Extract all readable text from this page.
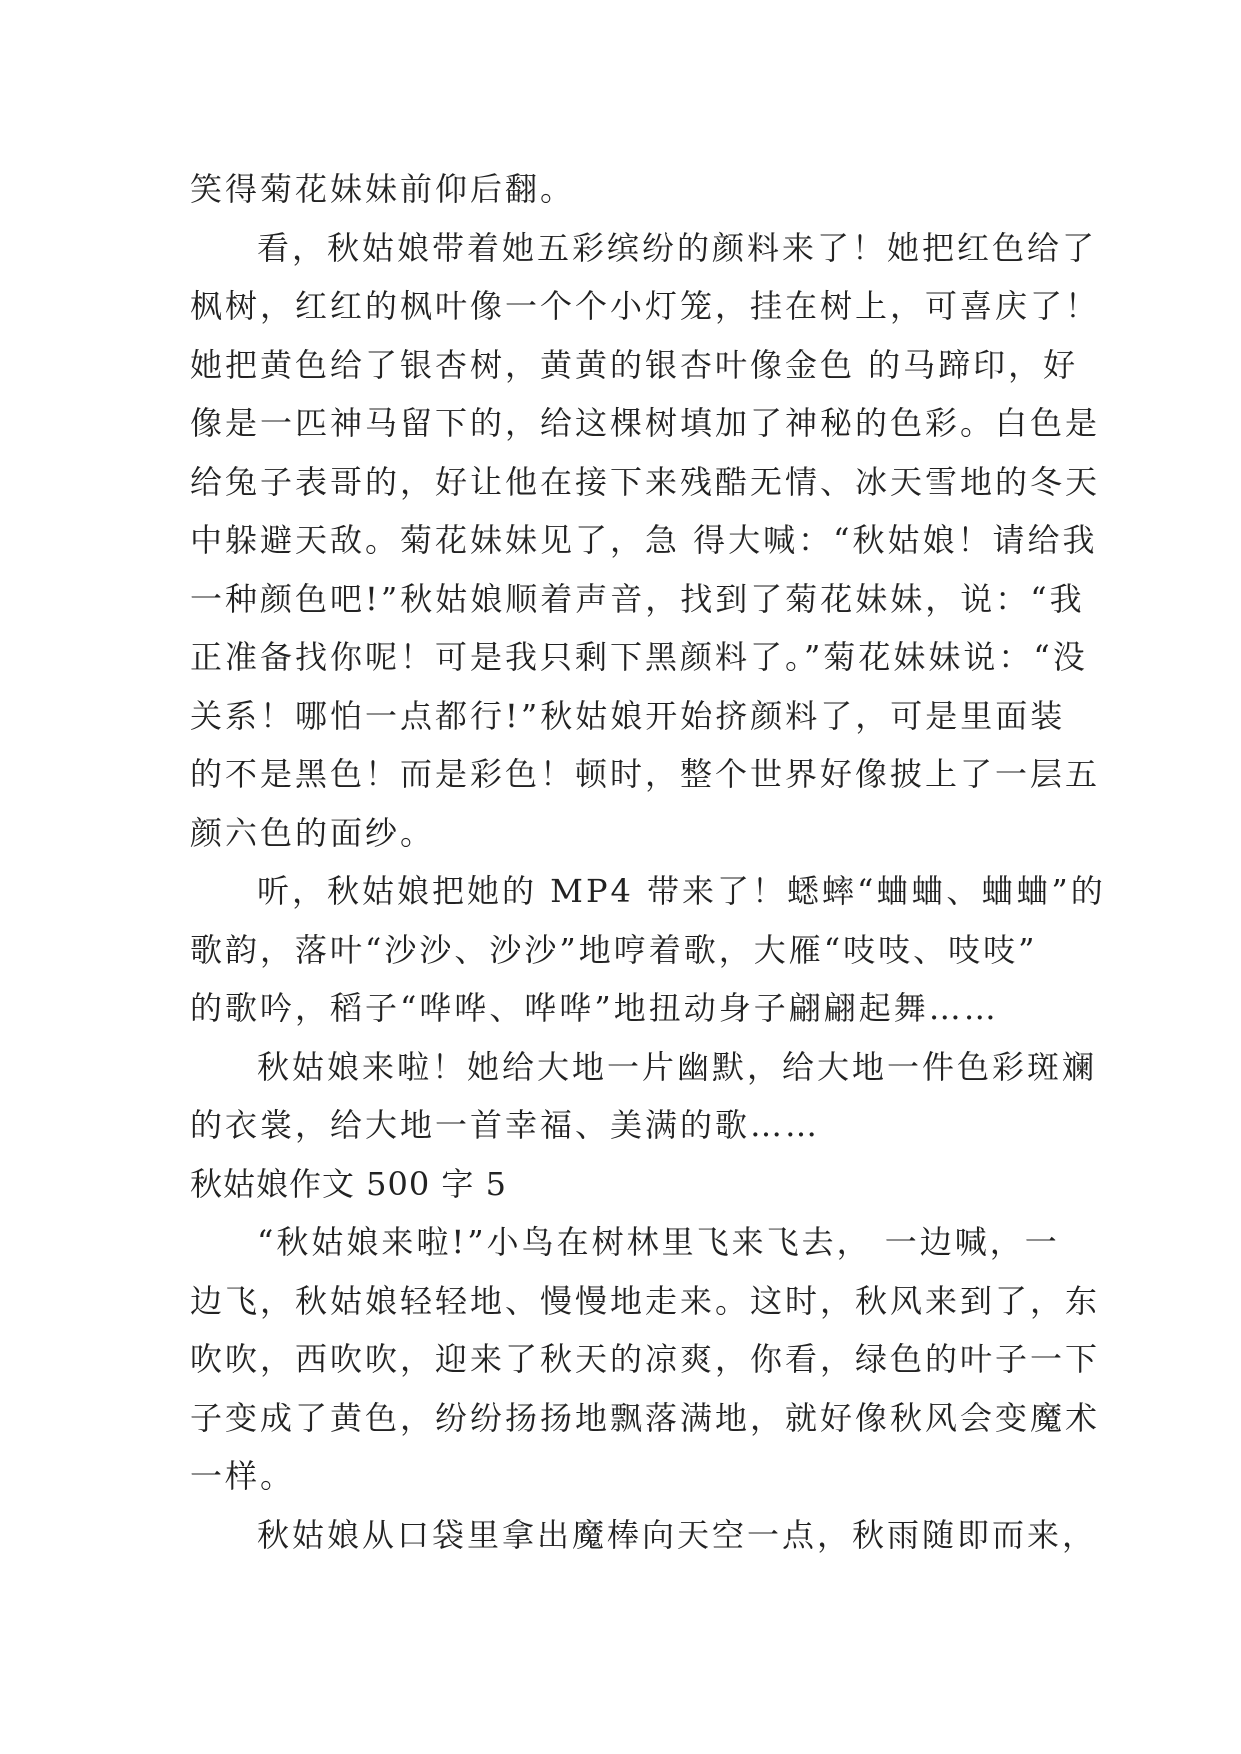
笑得菊花妹妹前仰后翻。
看，秋姑娘带着她五彩缤纷的颜料来了！她把红色给了
枫树，红红的枫叶像一个个小灯笼，挂在树上，可喜庆了！
她把黄色给了银杏树，黄黄的银杏叶像金色 的马蹄印，好
像是一匹神马留下的，给这棵树填加了神秘的色彩。白色是
给兔子表哥的，好让他在接下来残酷无情、冰天雪地的冬天
中躲避天敌。菊花妹妹见了，急 得大喊：“秋姑娘！请给我
一种颜色吧!”秋姑娘顺着声音，找到了菊花妹妹，说：“我
正准备找你呢！可是我只剩下黑颜料了。”菊花妹妹说：“没
关系！哪怕一点都行!”秋姑娘开始挤颜料了，可是里面装
的不是黑色！而是彩色！顿时，整个世界好像披上了一层五
颜六色的面纱。
听，秋姑娘把她的 MP4 带来了！蟋蟀“蛐蛐、蛐蛐”的
歌韵，落叶“沙沙、沙沙”地哼着歌，大雁“吱吱、吱吱”
的歌吟，稻子“哗哗、哗哗”地扭动身子翩翩起舞……
秋姑娘来啦！她给大地一片幽默，给大地一件色彩斑斓
的衣裳，给大地一首幸福、美满的歌……
秋姑娘作文 500 字 5
“秋姑娘来啦!”小鸟在树林里飞来飞去， 一边喊，一
边飞，秋姑娘轻轻地、慢慢地走来。这时，秋风来到了，东
吹吹，西吹吹，迎来了秋天的凉爽，你看，绿色的叶子一下
子变成了黄色，纷纷扬扬地飘落满地，就好像秋风会变魔术
一样。
秋姑娘从口袋里拿出魔棒向天空一点，秋雨随即而来，
